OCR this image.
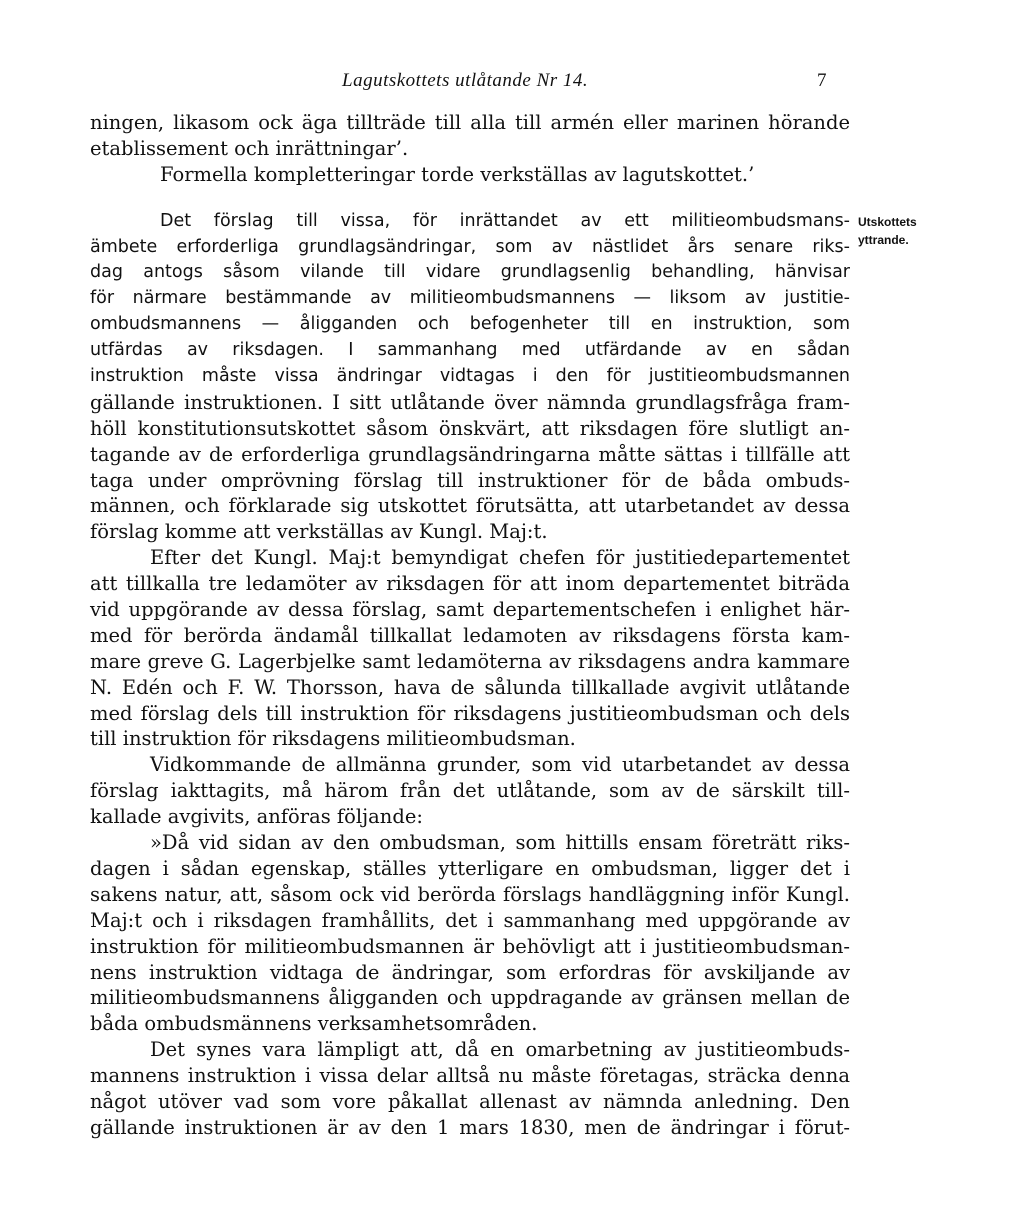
Lagutskottets utlåtande Nr 14.	7
Utskottets
yttrande.
ningen, likasom ock äga tillträde till alla till armén eller marinen hörande
etablissement och inrättningar’.
Formella kompletteringar torde verkställas av lagutskottet.’
Det förslag till vissa, för inrättandet av ett militieombudsmans-
ämbete erforderliga grundlagsändringar, som av nästlidet års senare riks-
dag antogs såsom vilande till vidare grundlagsenlig behandling, hänvisar
för närmare bestämmande av militieombudsmannens — liksom av justitie-
ombudsmannens — åligganden och befogenheter till en instruktion, som
utfärdas av riksdagen. I sammanhang med utfärdande av en sådan
instruktion måste vissa ändringar vidtagas i den för justitieombudsmannen
gällande instruktionen. I sitt utlåtande över nämnda grundlagsfråga fram-
höll konstitutionsutskottet såsom önskvärt, att riksdagen före slutligt an-
tagande av de erforderliga grundlagsändringarna måtte sättas i tillfälle att
taga under omprövning förslag till instruktioner för de båda ombuds-
männen, och förklarade sig utskottet förutsätta, att utarbetandet av dessa
förslag komme att verkställas av Kungl. Maj:t.
Efter det Kungl. Maj:t bemyndigat chefen för justitiedepartementet
att tillkalla tre ledamöter av riksdagen för att inom departementet biträda
vid uppgörande av dessa förslag, samt departementschefen i enlighet här-
med för berörda ändamål tillkallat ledamoten av riksdagens första kam-
mare greve G. Lagerbjelke samt ledamöterna av riksdagens andra kammare
N. Edén och F. W. Thorsson, hava de sålunda tillkallade avgivit utlåtande
med förslag dels till instruktion för riksdagens justitieombudsman och dels
till instruktion för riksdagens militieombudsman.
Vidkommande de allmänna grunder, som vid utarbetandet av dessa
förslag iakttagits, må härom från det utlåtande, som av de särskilt till-
kallade avgivits, anföras följande:
»Då vid sidan av den ombudsman, som hittills ensam företrätt riks-
dagen i sådan egenskap, ställes ytterligare en ombudsman, ligger det i
sakens natur, att, såsom ock vid berörda förslags handläggning inför Kungl.
Maj:t och i riksdagen framhållits, det i sammanhang med uppgörande av
instruktion för militieombudsmannen är behövligt att i justitieombudsman-
nens instruktion vidtaga de ändringar, som erfordras för avskiljande av
militieombudsmannens åligganden och uppdragande av gränsen mellan de
båda ombudsmännens verksamhetsområden.
Det synes vara lämpligt att, då en omarbetning av justitieombuds-
mannens instruktion i vissa delar alltså nu måste företagas, sträcka denna
något utöver vad som vore påkallat allenast av nämnda anledning. Den
gällande instruktionen är av den 1 mars 1830, men de ändringar i förut-
